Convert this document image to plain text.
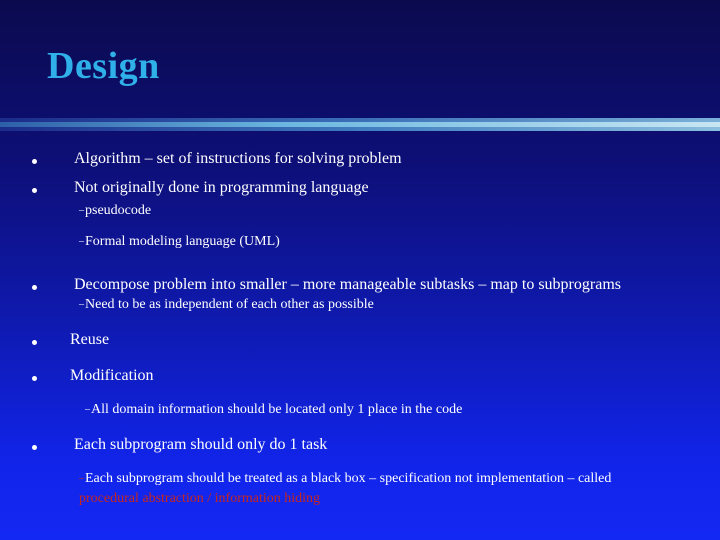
Design
Algorithm – set of instructions for solving problem
Not originally done in programming language
–pseudocode
–Formal modeling language (UML)
Decompose problem into smaller – more manageable subtasks – map to subprograms
–Need to be as independent of each other as possible
Reuse
Modification
–All domain information should be located only 1 place in the code
Each subprogram should only do 1 task
–Each subprogram should be treated as a black box – specification not implementation – called
procedural abstraction / information hiding
